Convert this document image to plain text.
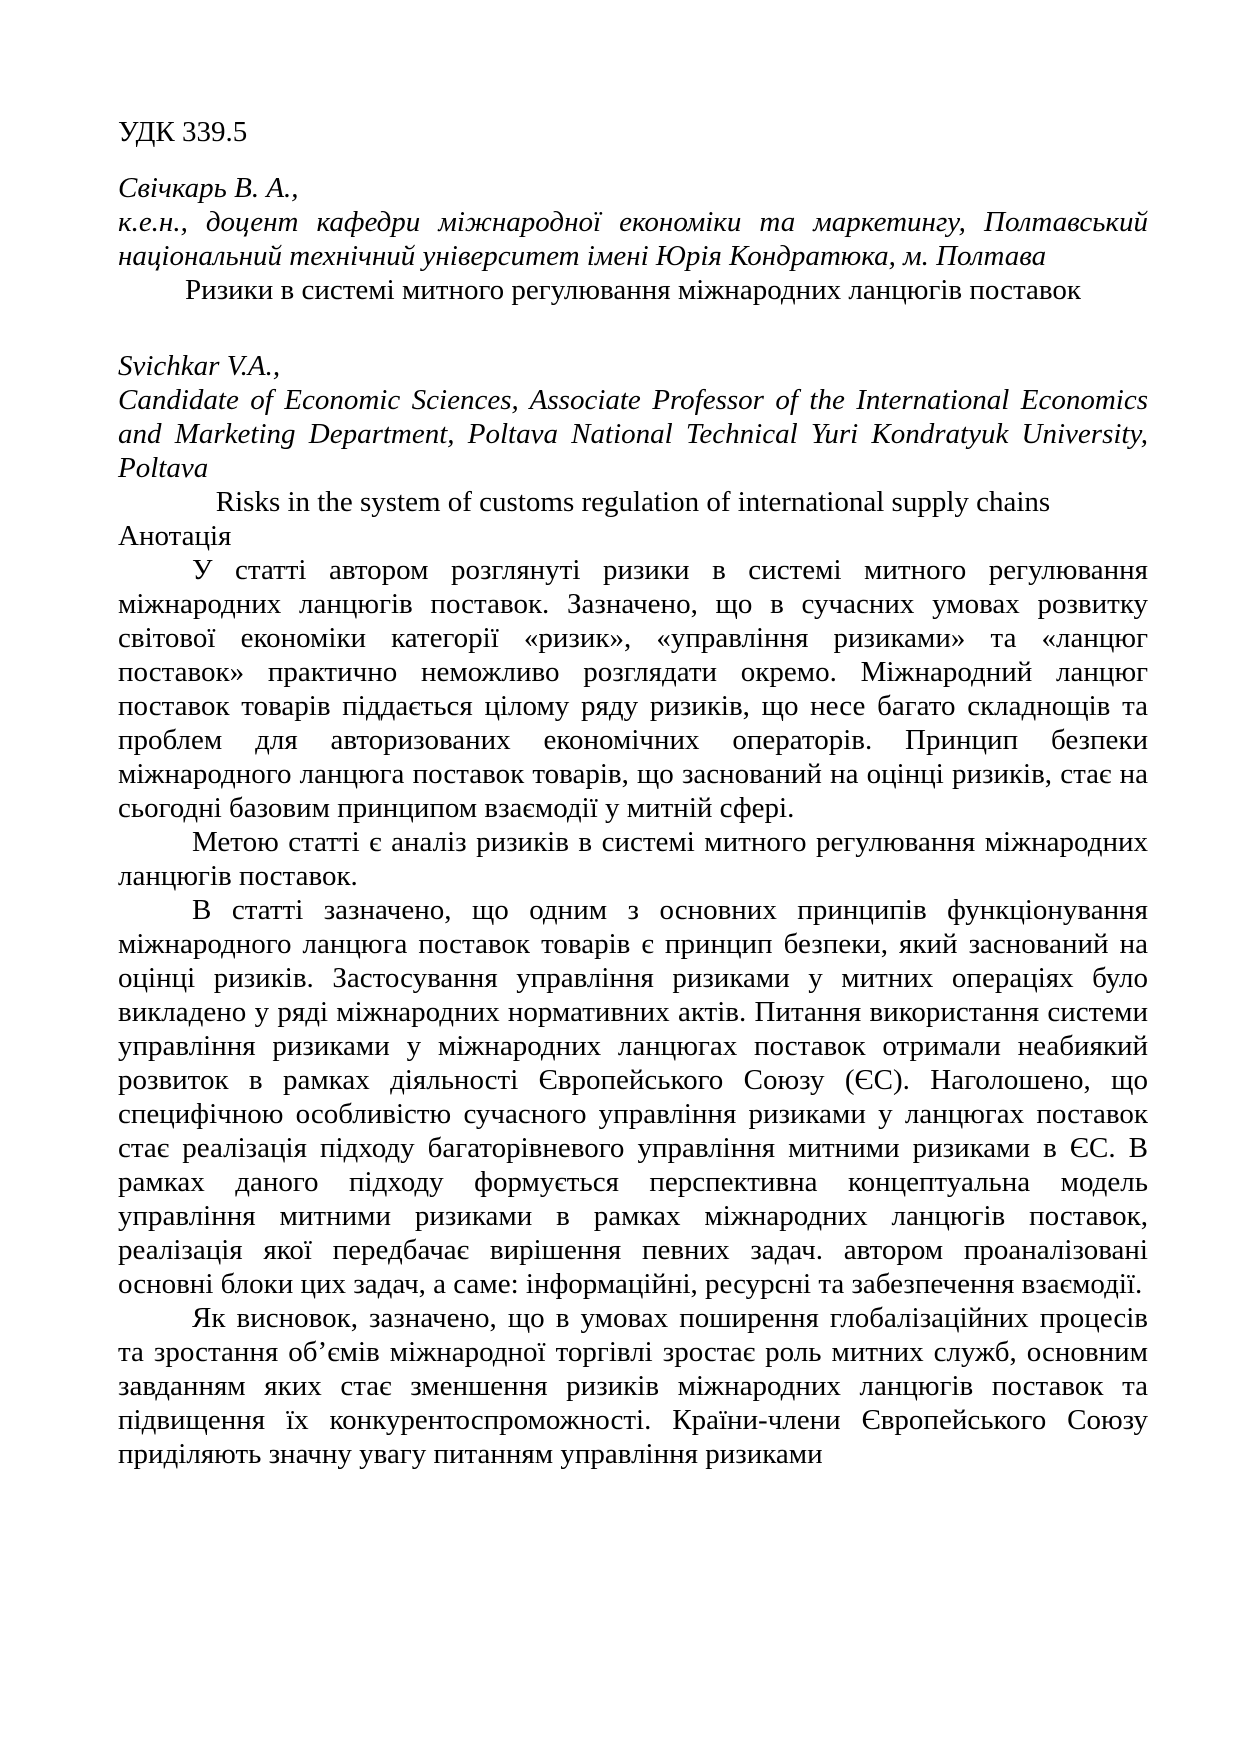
УДК 339.5

Свічкарь В. А.,

к.е.н., доцент кафедри міжнародної економіки та маркетингу, Полтавський національний технічний університет імені Юрія Кондратюка, м. Полтава

Ризики в системі митного регулювання міжнародних ланцюгів поставок

Svichkar V.A.,

Candidate of Economic Sciences, Associate Professor of the International Economics and Marketing Department, Poltava National Technical Yuri Kondratyuk University, Poltava

Risks in the system of customs regulation of international supply chains

Анотація

У статті автором розглянуті ризики в системі митного регулювання міжнародних ланцюгів поставок. Зазначено, що в сучасних умовах розвитку світової економіки категорії «ризик», «управління ризиками» та «ланцюг поставок» практично неможливо розглядати окремо. Міжнародний ланцюг поставок товарів піддається цілому ряду ризиків, що несе багато складнощів та проблем для авторизованих економічних операторів. Принцип безпеки міжнародного ланцюга поставок товарів, що заснований на оцінці ризиків, стає на сьогодні базовим принципом взаємодії у митній сфері.

Метою статті є аналіз ризиків в системі митного регулювання міжнародних ланцюгів поставок.

В статті зазначено, що одним з основних принципів функціонування міжнародного ланцюга поставок товарів є принцип безпеки, який заснований на оцінці ризиків. Застосування управління ризиками у митних операціях було викладено у ряді міжнародних нормативних актів. Питання використання системи управління ризиками у міжнародних ланцюгах поставок отримали неабиякий розвиток в рамках діяльності Європейського Союзу (ЄС). Наголошено, що специфічною особливістю сучасного управління ризиками у ланцюгах поставок стає реалізація підходу багаторівневого управління митними ризиками в ЄС. В рамках даного підходу формується перспективна концептуальна модель управління митними ризиками в рамках міжнародних ланцюгів поставок, реалізація якої передбачає вирішення певних задач. автором проаналізовані основні блоки цих задач, а саме: інформаційні, ресурсні та забезпечення взаємодії.

Як висновок, зазначено, що в умовах поширення глобалізаційних процесів та зростання об’ємів міжнародної торгівлі зростає роль митних служб, основним завданням яких стає зменшення ризиків міжнародних ланцюгів поставок та підвищення їх конкурентоспроможності. Країни-члени Європейського Союзу приділяють значну увагу питанням управління ризиками
